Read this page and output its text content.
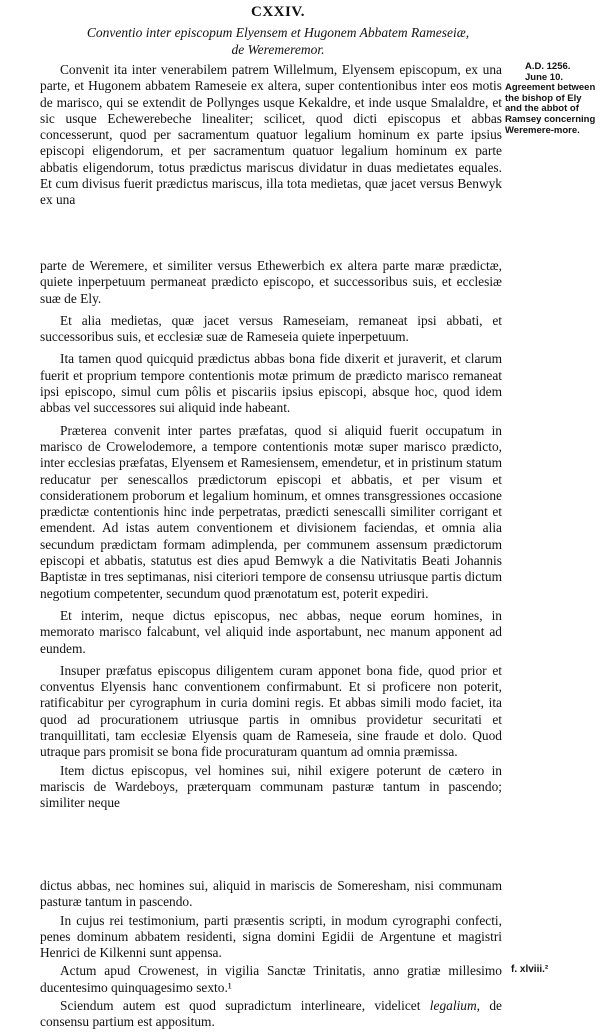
CXXIV.
Conventio inter episcopum Elyensem et Hugonem Abbatem Rameseiæ,
de Weremeremor.
A.D. 1256.
June 10.
Agreement between the bishop of Ely and the abbot of Ramsey concerning Weremere-more.

Convenit ita inter venerabilem patrem Willelmum, Elyensem episcopum, ex una parte, et Hugonem abbatem Rameseie ex altera, super contentionibus inter eos motis de marisco, qui se extendit de Pollynges usque Kekaldre, et inde usque Smalaldre, et sic usque Echewerebeche linealiter; scilicet, quod dicti episcopus et abbas concesserunt, quod per sacramentum quatuor legalium hominum ex parte ipsius episcopi eligendorum, et per sacramentum quatuor legalium hominum ex parte abbatis eligendorum, totus prædictus mariscus dividatur in duas medietates equales. Et cum divisus fuerit prædictus mariscus, illa tota medietas, quæ jacet versus Benwyk ex una

parte de Weremere, et similiter versus Ethewerbich ex altera parte maræ prædictæ, quiete inperpetuum permaneat prædicto episcopo, et successoribus suis, et ecclesiæ suæ de Ely.

Et alia medietas, quæ jacet versus Rameseiam, remaneat ipsi abbati, et successoribus suis, et ecclesiæ suæ de Rameseia quiete inperpetuum.

Ita tamen quod quicquid prædictus abbas bona fide dixerit et juraverit, et clarum fuerit et proprium tempore contentionis motæ primum de prædicto marisco remaneat ipsi episcopo, simul cum pôlis et piscariis ipsius episcopi, absque hoc, quod idem abbas vel successores sui aliquid inde habeant.

Præterea convenit inter partes præfatas, quod si aliquid fuerit occupatum in marisco de Crowelodemore, a tempore contentionis motæ super marisco prædicto, inter ecclesias præfatas, Elyensem et Ramesiensem, emendetur, et in pristinum statum reducatur per senescallos prædictorum episcopi et abbatis, et per visum et considerationem proborum et legalium hominum, et omnes transgressiones occasione prædictæ contentionis hinc inde perpetratas, prædicti senescalli similiter corrigant et emendent. Ad istas autem conventionem et divisionem faciendas, et omnia alia secundum prædictam formam adimplenda, per communem assensum prædictorum episcopi et abbatis, statutus est dies apud Bemwyk a die Nativitatis Beati Johannis Baptistæ in tres septimanas, nisi citeriori tempore de consensu utriusque partis dictum negotium competenter, secundum quod prænotatum est, poterit expediri.

Et interim, neque dictus episcopus, nec abbas, neque eorum homines, in memorato marisco falcabunt, vel aliquid inde asportabunt, nec manum apponent ad eundem.

Insuper præfatus episcopus diligentem curam apponet bona fide, quod prior et conventus Elyensis hanc conventionem confirmabunt. Et si proficere non poterit, ratificabitur per cyrographum in curia domini regis. Et abbas simili modo faciet, ita quod ad procurationem utriusque partis in omnibus providetur securitati et tranquillitati, tam ecclesiæ Elyensis quam de Rameseia, sine fraude et dolo. Quod utraque pars promisit se bona fide procuraturam quantum ad omnia præmissa.

Item dictus episcopus, vel homines sui, nihil exigere poterunt de cætero in mariscis de Wardeboys, præterquam communam pasturæ tantum in pascendo; similiter neque

dictus abbas, nec homines sui, aliquid in mariscis de Someresham, nisi communam pasturæ tantum in pascendo.

In cujus rei testimonium, parti præsentis scripti, in modum cyrographi confecti, penes dominum abbatem residenti, signa domini Egidii de Argentune et magistri Henrici de Kilkenni sunt appensa.

Actum apud Crowenest, in vigilia Sanctæ Trinitatis, anno gratiæ millesimo ducentesimo quinquagesimo sexto.¹

Sciendum autem est quod supradictum interlineare, videlicet legalium, de consensu partium est appositum.

f. xlviii.²
